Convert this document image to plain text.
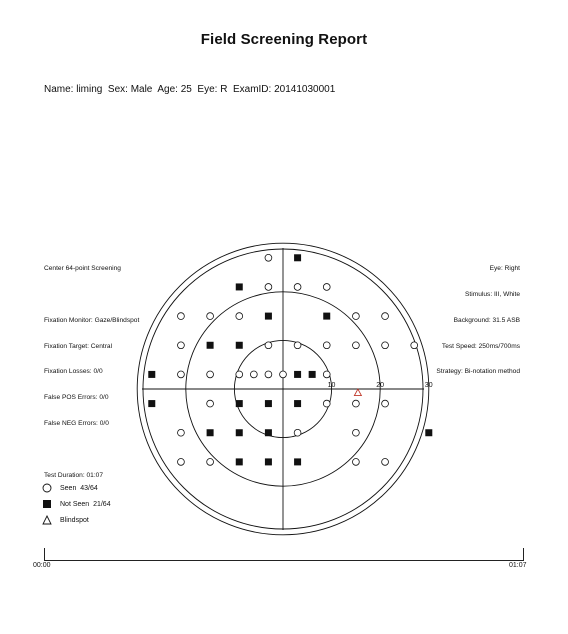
Field Screening Report
Name: liming  Sex: Male  Age: 25  Eye: R  ExamID: 20141030001

Center 64-point Screening

Fixation Monitor: Gaze/Blindspot

Fixation Target: Central

Fixation Losses: 0/0

False POS Errors: 0/0

False NEG Errors: 0/0

Test Duration: 01:07

Eye: Right

Stimulus: III, White

Background: 31.5 ASB

Test Speed: 250ms/700ms

Strategy: Bi-notation method

10	20	30
Seen  43/64
Not Seen  21/64
Blindspot
00:00	01:07
